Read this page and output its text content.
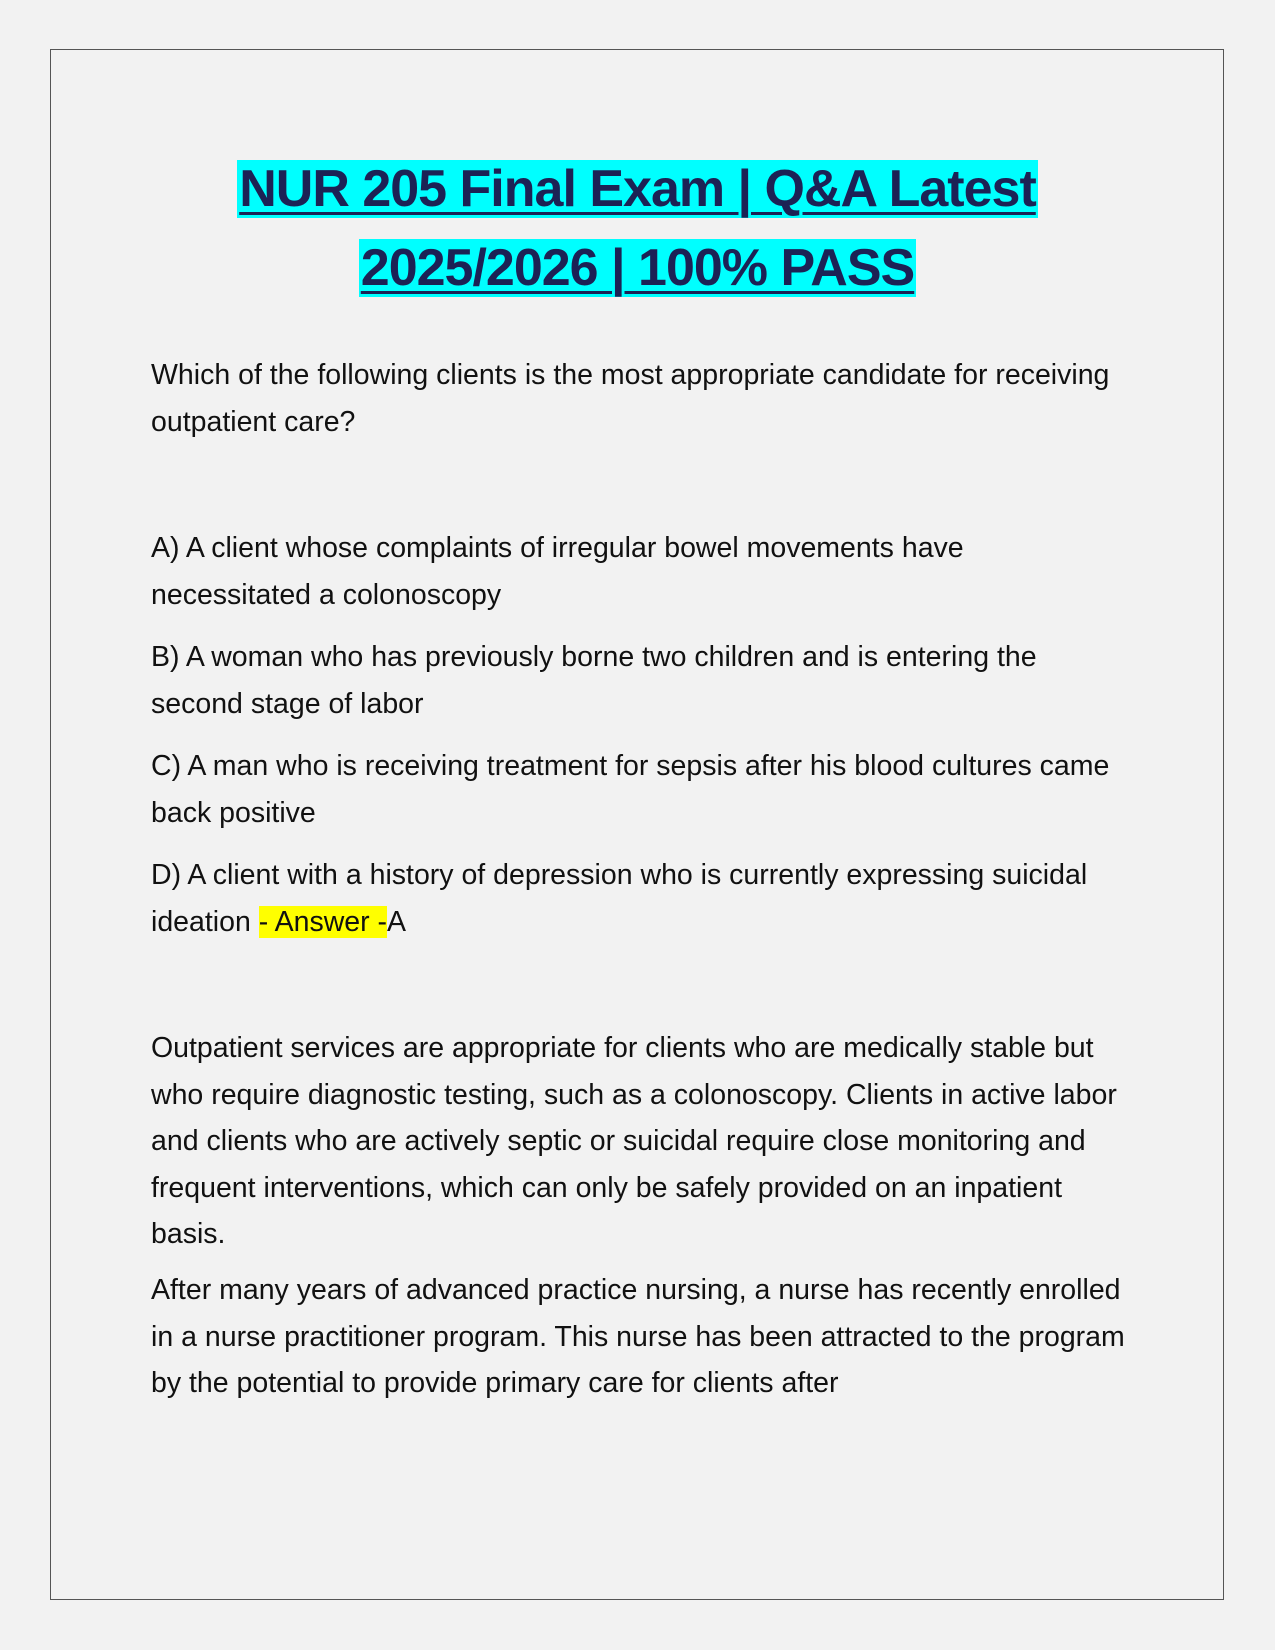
NUR 205 Final Exam | Q&A Latest
2025/2026 | 100% PASS

Which of the following clients is the most appropriate candidate for receiving outpatient care?

A) A client whose complaints of irregular bowel movements have necessitated a colonoscopy

B) A woman who has previously borne two children and is entering the second stage of labor

C) A man who is receiving treatment for sepsis after his blood cultures came back positive

D) A client with a history of depression who is currently expressing suicidal ideation - Answer -A

Outpatient services are appropriate for clients who are medically stable but who require diagnostic testing, such as a colonoscopy. Clients in active labor and clients who are actively septic or suicidal require close monitoring and frequent interventions, which can only be safely provided on an inpatient basis.

After many years of advanced practice nursing, a nurse has recently enrolled in a nurse practitioner program. This nurse has been attracted to the program by the potential to provide primary care for clients after
